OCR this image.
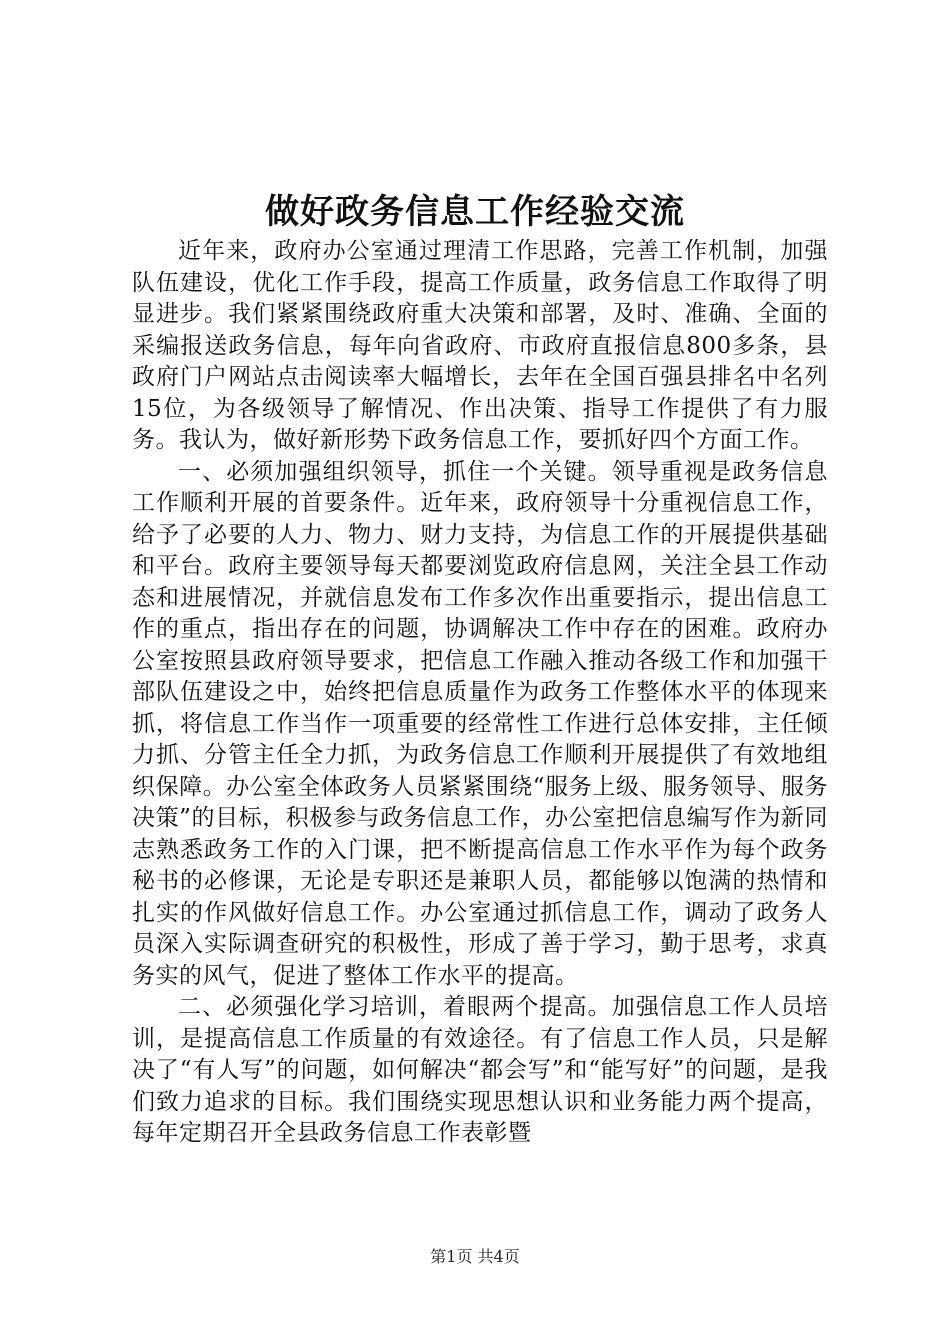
做好政务信息工作经验交流

近年来，政府办公室通过理清工作思路，完善工作机制，加强队伍建设，优化工作手段，提高工作质量，政务信息工作取得了明显进步。我们紧紧围绕政府重大决策和部署，及时、准确、全面的采编报送政务信息，每年向省政府、市政府直报信息800多条，县政府门户网站点击阅读率大幅增长，去年在全国百强县排名中名列15位，为各级领导了解情况、作出决策、指导工作提供了有力服务。我认为，做好新形势下政务信息工作，要抓好四个方面工作。

一、必须加强组织领导，抓住一个关键。领导重视是政务信息工作顺利开展的首要条件。近年来，政府领导十分重视信息工作，给予了必要的人力、物力、财力支持，为信息工作的开展提供基础和平台。政府主要领导每天都要浏览政府信息网，关注全县工作动态和进展情况，并就信息发布工作多次作出重要指示，提出信息工作的重点，指出存在的问题，协调解决工作中存在的困难。政府办公室按照县政府领导要求，把信息工作融入推动各级工作和加强干部队伍建设之中，始终把信息质量作为政务工作整体水平的体现来抓，将信息工作当作一项重要的经常性工作进行总体安排，主任倾力抓、分管主任全力抓，为政务信息工作顺利开展提供了有效地组织保障。办公室全体政务人员紧紧围绕“服务上级、服务领导、服务决策”的目标，积极参与政务信息工作，办公室把信息编写作为新同志熟悉政务工作的入门课，把不断提高信息工作水平作为每个政务秘书的必修课，无论是专职还是兼职人员，都能够以饱满的热情和扎实的作风做好信息工作。办公室通过抓信息工作，调动了政务人员深入实际调查研究的积极性，形成了善于学习，勤于思考，求真务实的风气，促进了整体工作水平的提高。

二、必须强化学习培训，着眼两个提高。加强信息工作人员培训，是提高信息工作质量的有效途径。有了信息工作人员，只是解决了“有人写”的问题，如何解决“都会写”和“能写好”的问题，是我们致力追求的目标。我们围绕实现思想认识和业务能力两个提高，每年定期召开全县政务信息工作表彰暨

第1页 共4页
